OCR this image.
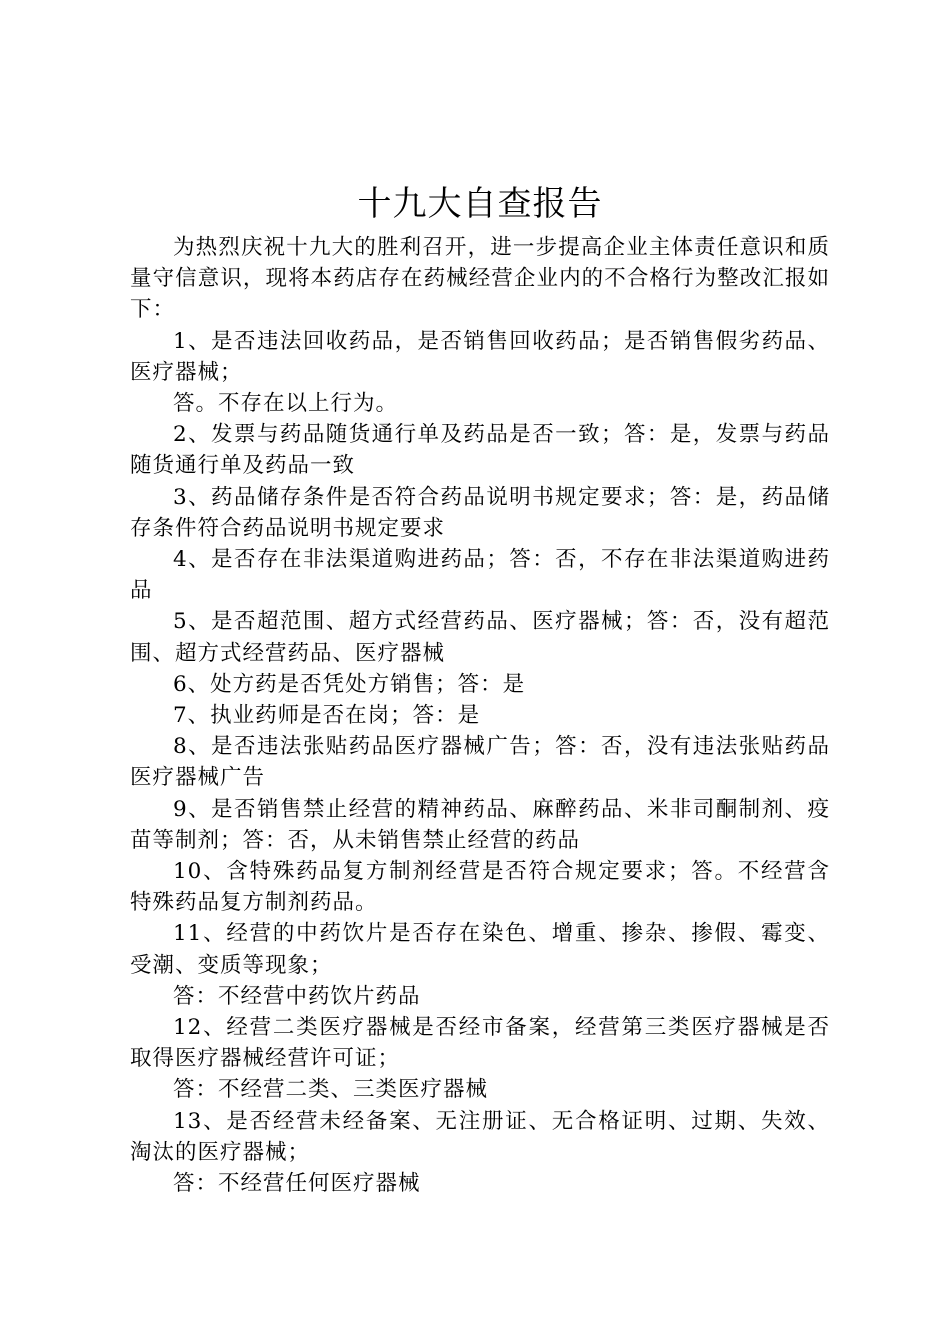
十九大自查报告

为热烈庆祝十九大的胜利召开，进一步提高企业主体责任意识和质量守信意识，现将本药店存在药械经营企业内的不合格行为整改汇报如下：

1、是否违法回收药品，是否销售回收药品；是否销售假劣药品、医疗器械；

答。不存在以上行为。

2、发票与药品随货通行单及药品是否一致；答：是，发票与药品随货通行单及药品一致

3、药品储存条件是否符合药品说明书规定要求；答：是，药品储存条件符合药品说明书规定要求

4、是否存在非法渠道购进药品；答：否，不存在非法渠道购进药品

5、是否超范围、超方式经营药品、医疗器械；答：否，没有超范围、超方式经营药品、医疗器械

6、处方药是否凭处方销售；答：是

7、执业药师是否在岗；答：是

8、是否违法张贴药品医疗器械广告；答：否，没有违法张贴药品医疗器械广告

9、是否销售禁止经营的精神药品、麻醉药品、米非司酮制剂、疫苗等制剂；答：否，从未销售禁止经营的药品

10、含特殊药品复方制剂经营是否符合规定要求；答。不经营含特殊药品复方制剂药品。

11、经营的中药饮片是否存在染色、增重、掺杂、掺假、霉变、受潮、变质等现象；

答：不经营中药饮片药品

12、经营二类医疗器械是否经市备案，经营第三类医疗器械是否取得医疗器械经营许可证；

答：不经营二类、三类医疗器械

13、是否经营未经备案、无注册证、无合格证明、过期、失效、淘汰的医疗器械；

答：不经营任何医疗器械
